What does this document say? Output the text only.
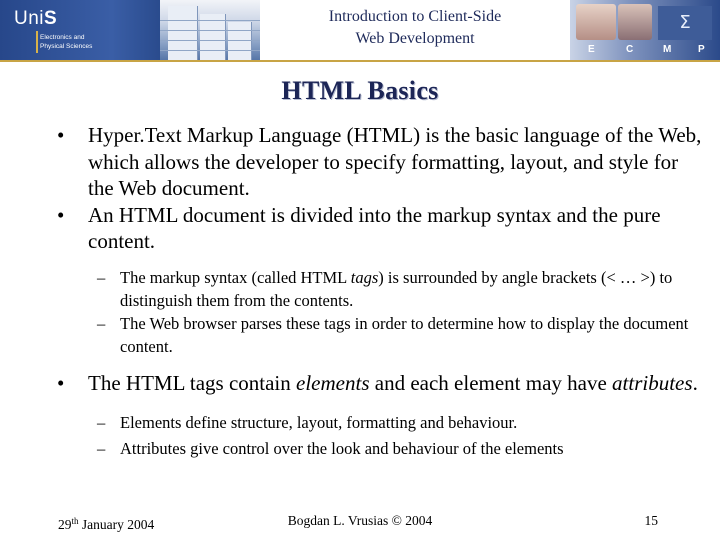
UniS
Electronics and
Physical Sciences
Introduction to Client-Side
Web Development
Σ
E	C	M	P
HTML Basics
•	Hyper.Text Markup Language (HTML) is the basic language of the Web, which allows the developer to specify formatting, layout, and style for the Web document.
•	An HTML document is divided into the markup syntax and the pure content.
– The markup syntax (called HTML tags) is surrounded by angle brackets (< … >) to distinguish them from the contents.
– The Web browser parses these tags in order to determine how to display the document content.
•	The HTML tags contain elements and each element may have attributes.
– Elements define structure, layout, formatting and behaviour.
– Attributes give control over the look and behaviour of the elements
29th January 2004	Bogdan L. Vrusias © 2004	15
